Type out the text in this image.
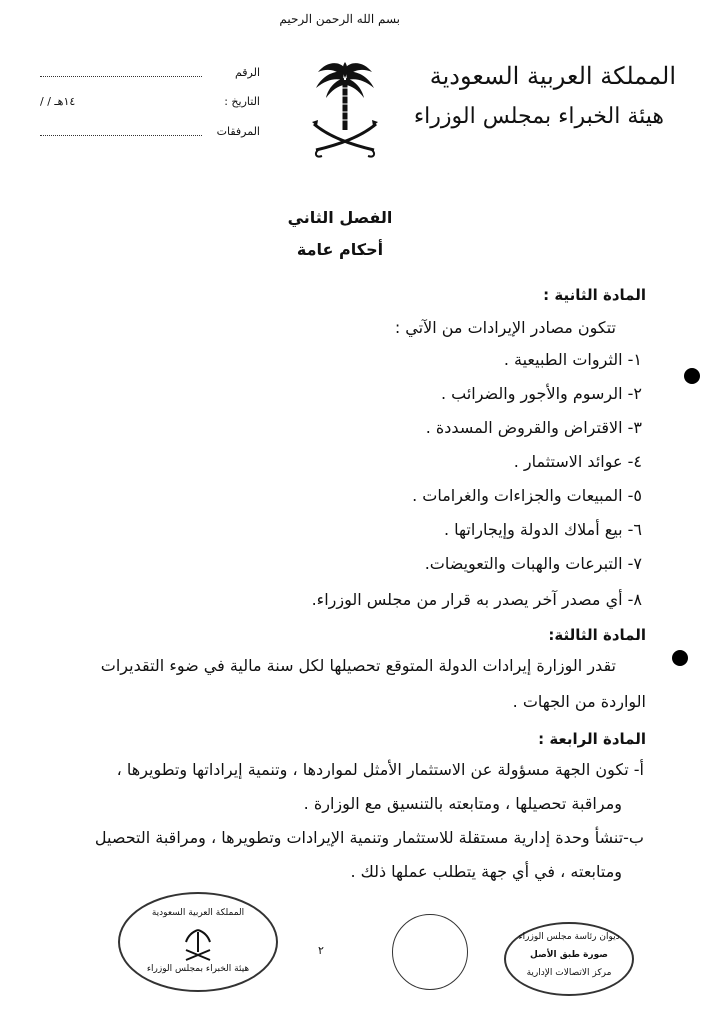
بسم الله الرحمن الرحيم
المملكة العربية السعودية
هيئة الخبراء بمجلس الوزراء
الرقم
التاريخ :
/ / ١٤هـ
المرفقات
الفصل الثاني
أحكام عامة
المادة الثانية :
تتكون مصادر الإيرادات من الآتي :
١- الثروات الطبيعية .
٢- الرسوم والأجور والضرائب .
٣- الاقتراض والقروض المسددة .
٤- عوائد الاستثمار .
٥- المبيعات والجزاءات والغرامات .
٦- بيع أملاك الدولة وإيجاراتها .
٧- التبرعات والهبات والتعويضات.
٨- أي مصدر آخر يصدر به قرار من مجلس الوزراء.
المادة الثالثة:
تقدر الوزارة إيرادات الدولة المتوقع تحصيلها لكل سنة مالية في ضوء التقديرات
الواردة من الجهات .
المادة الرابعة :
أ- تكون الجهة مسؤولة عن الاستثمار الأمثل لمواردها ، وتنمية إيراداتها وتطويرها ،
ومراقبة تحصيلها ، ومتابعته بالتنسيق مع الوزارة .
ب-تنشأ وحدة إدارية مستقلة للاستثمار وتنمية الإيرادات وتطويرها ، ومراقبة التحصيل
ومتابعته ، في أي جهة يتطلب عملها ذلك .
٢
المملكة العربية السعودية
هيئة الخبراء بمجلس الوزراء
ديوان رئاسة مجلس الوزراء
صورة طبق الأصل
مركز الاتصالات الإدارية
